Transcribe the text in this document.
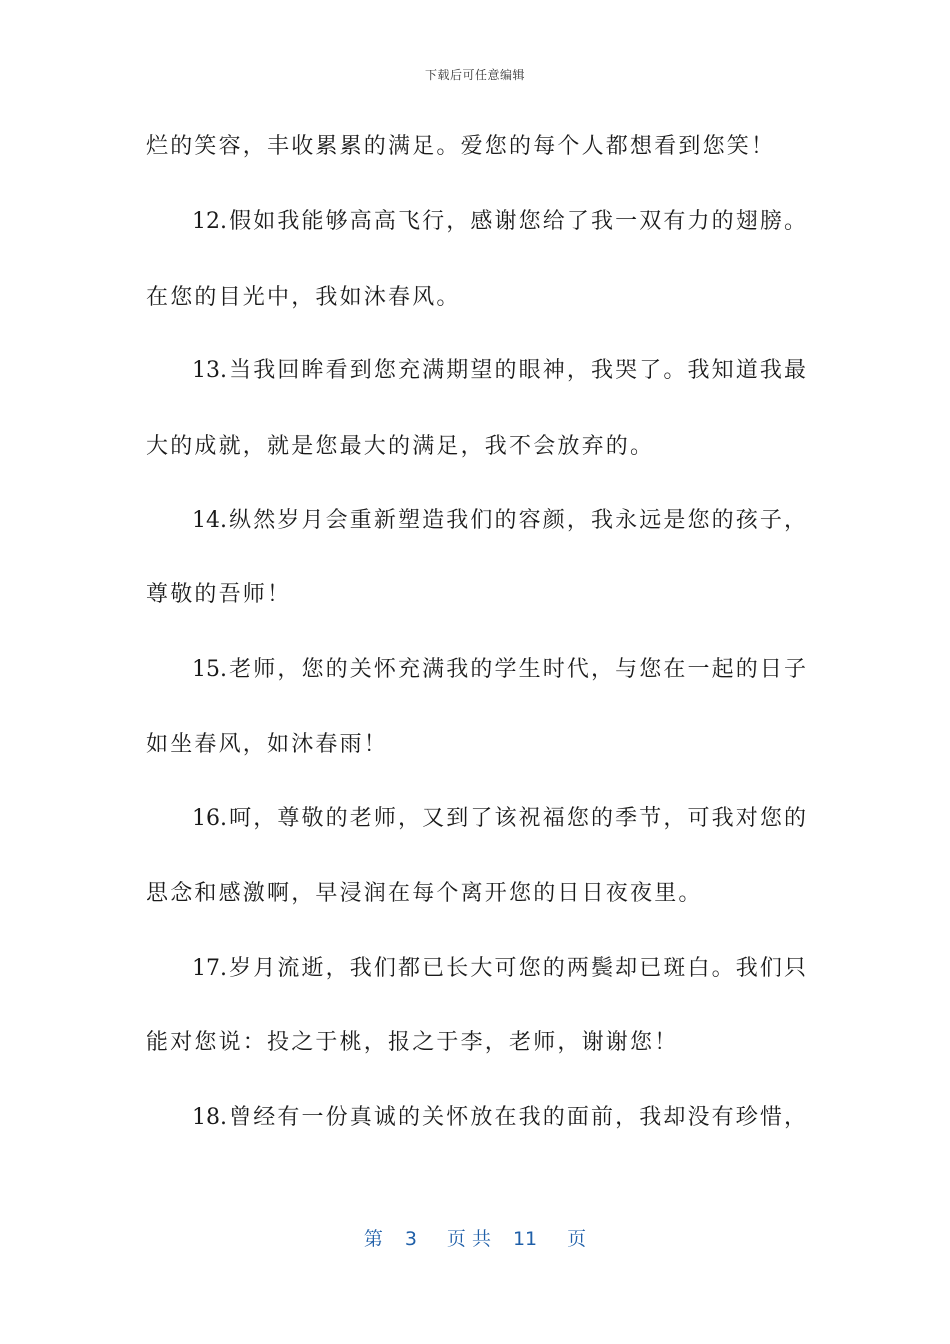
下载后可任意编辑
烂的笑容，丰收累累的满足。爱您的每个人都想看到您笑！
12.假如我能够高高飞行，感谢您给了我一双有力的翅膀。
在您的目光中，我如沐春风。
13.当我回眸看到您充满期望的眼神，我哭了。我知道我最
大的成就，就是您最大的满足，我不会放弃的。
14.纵然岁月会重新塑造我们的容颜，我永远是您的孩子，
尊敬的吾师！
15.老师，您的关怀充满我的学生时代，与您在一起的日子
如坐春风，如沐春雨！
16.呵，尊敬的老师，又到了该祝福您的季节，可我对您的
思念和感激啊，早浸润在每个离开您的日日夜夜里。
17.岁月流逝，我们都已长大可您的两鬓却已斑白。我们只
能对您说：投之于桃，报之于李，老师，谢谢您！
18.曾经有一份真诚的关怀放在我的面前，我却没有珍惜，
第 3 页 共 11 页
